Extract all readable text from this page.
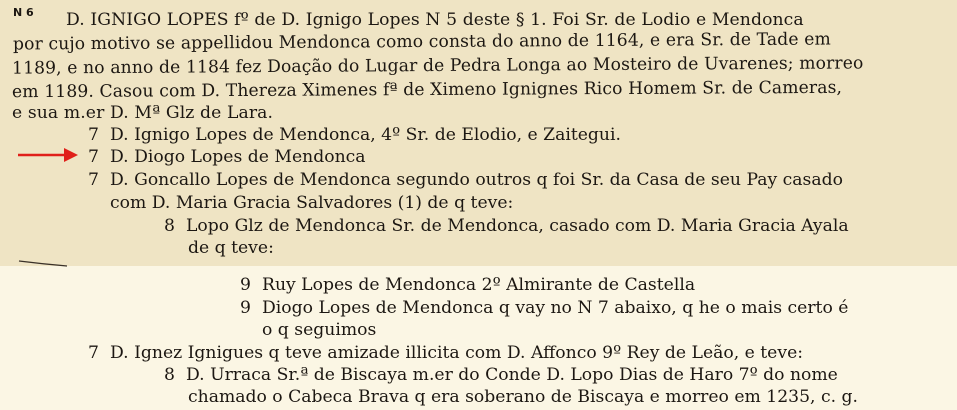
N 6 D. IGNIGO LOPES fº de D. Ignigo Lopes N 5 deste § 1. Foi Sr. de Lodio e Mendonca
por cujo motivo se appellidou Mendonca como consta do anno de 1164, e era Sr. de Tade em
1189, e no anno de 1184 fez Doação do Lugar de Pedra Longa ao Mosteiro de Uvarenes; morreo
em 1189. Casou com D. Thereza Ximenes fª de Ximeno Ignignes Rico Homem Sr. de Cameras,
e sua m.er D. Mª Glz de Lara.
7 D. Ignigo Lopes de Mendonca, 4º Sr. de Elodio, e Zaitegui.
7 D. Diogo Lopes de Mendonca
7 D. Goncallo Lopes de Mendonca segundo outros q foi Sr. da Casa de seu Pay casado
com D. Maria Gracia Salvadores (1) de q teve:
8 Lopo Glz de Mendonca Sr. de Mendonca, casado com D. Maria Gracia Ayala
de q teve:
9 Ruy Lopes de Mendonca 2º Almirante de Castella
9 Diogo Lopes de Mendonca q vay no N 7 abaixo, q he o mais certo é
o q seguimos
7 D. Ignez Ignigues q teve amizade illicita com D. Affonco 9º Rey de Leão, e teve:
8 D. Urraca Sr.ª de Biscaya m.er do Conde D. Lopo Dias de Haro 7º do nome
chamado o Cabeca Brava q era soberano de Biscaya e morreo em 1235, c. g.
